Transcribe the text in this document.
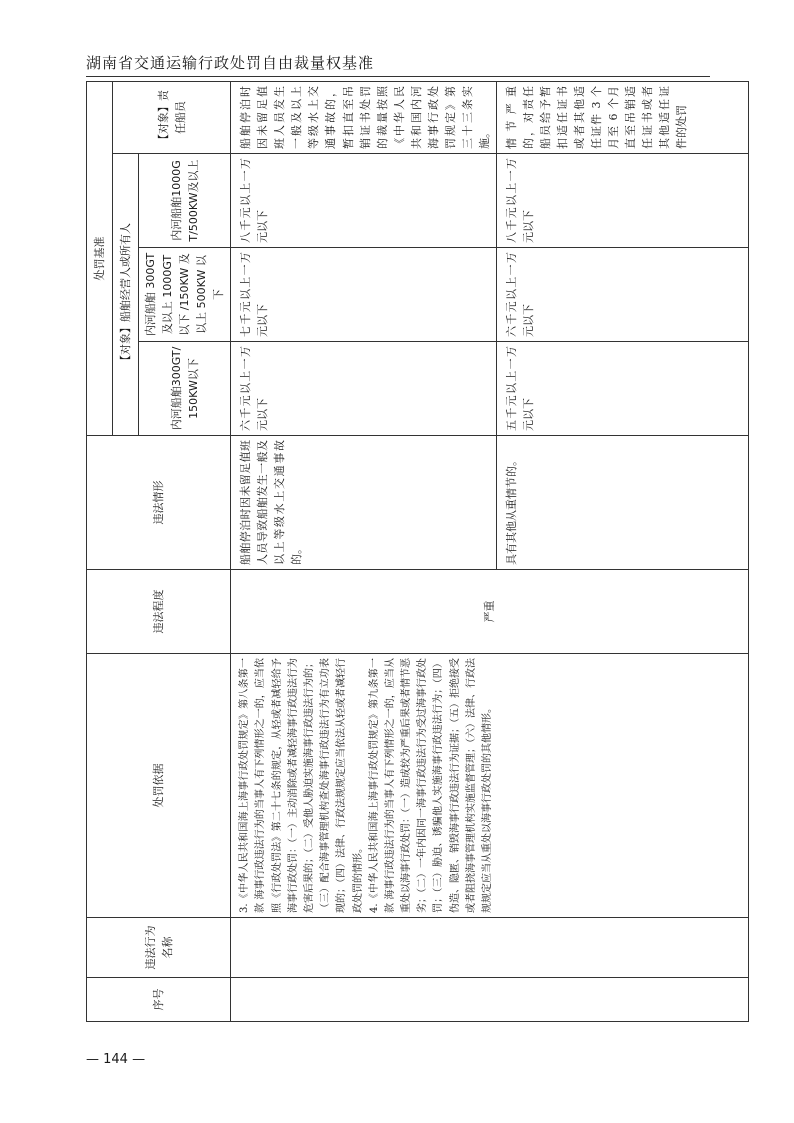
湖南省交通运输行政处罚自由裁量权基准
序号	违法行为名称	处罚依据	违法程度	违法情形	处罚基准			
					【对象】船舶经营人或所有人			【对象】责任船员
					内河船舶300GT/150KW以下	内河船舶 300GT 及以上 1000GT 以下 /150KW 及以上 500KW 以下	内河船舶1000GT/500KW及以上	

		3.《中华人民共和国海上海事行政处罚规定》第八条第一款 海事行政违法行为的当事人有下列情形之一的，应当依照《行政处罚法》第二十七条的规定，从轻或者减轻给予海事行政处罚：（一）主动消除或者减轻海事行政违法行为危害后果的；（二）受他人胁迫实施海事行政违法行为的；（三）配合海事管理机构查处海事行政违法行为有立功表现的；（四）法律、行政法规规定应当依法从轻或者减轻行政处罚的情形。 4.《中华人民共和国海上海事行政处罚规定》第九条第一款 海事行政违法行为的当事人有下列情形之一的，应当从重处以海事行政处罚：（一）造成较为严重后果或者情节恶劣；（二）一年内因同一海事行政违法行为受过海事行政处罚；（三）胁迫、诱骗他人实施海事行政违法行为；（四）伪造、隐匿、销毁海事行政违法行为证据；（五）拒绝接受或者阻挠海事管理机构实施监督管理；（六）法律、行政法规规定应当从重处以海事行政处罚的其他情形。	严重	船舶停泊时因未留足值班人员导致船舶发生一般及以上等级水上交通事故的。	六千元以上一万元以下	七千元以上一万元以下	八千元以上一万元以下	船舶停泊时因未留足值班人员发生一般及以上等级水上交通事故的，暂扣直至吊销证书处罚的裁量按照《中华人民共和国内河海事行政处罚规定》第三十三条实施。
				具有其他从重情节的。	五千元以上一万元以下	六千元以上一万元以下	八千元以上一万元以下	情节严重的，对责任船员给予暂扣适任证书或者其他适任证件 3 个月至 6 个月直至吊销适任证书或者其他适任证件的处罚
— 144 —
